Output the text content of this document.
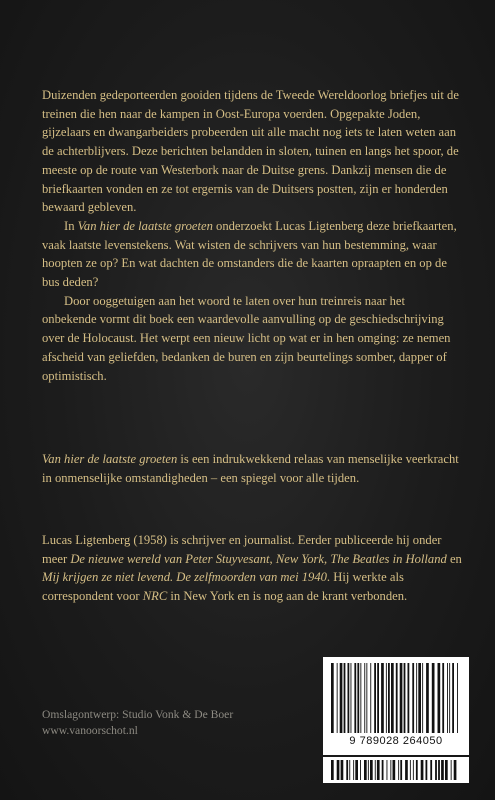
Duizenden gedeporteerden gooiden tijdens de Tweede Wereldoorlog briefjes uit de treinen die hen naar de kampen in Oost-Europa voerden. Opgepakte Joden, gijzelaars en dwangarbeiders probeerden uit alle macht nog iets te laten weten aan de achterblijvers. Deze berichten belandden in sloten, tuinen en langs het spoor, de meeste op de route van Westerbork naar de Duitse grens. Dankzij mensen die de briefkaarten vonden en ze tot ergernis van de Duitsers postten, zijn er honderden bewaard gebleven.

In Van hier de laatste groeten onderzoekt Lucas Ligtenberg deze briefkaarten, vaak laatste levenstekens. Wat wisten de schrijvers van hun bestemming, waar hoopten ze op? En wat dachten de omstanders die de kaarten opraapten en op de bus deden?

Door ooggetuigen aan het woord te laten over hun treinreis naar het onbekende vormt dit boek een waardevolle aanvulling op de geschiedschrijving over de Holocaust. Het werpt een nieuw licht op wat er in hen omging: ze nemen afscheid van geliefden, bedanken de buren en zijn beurtelings somber, dapper of optimistisch.

Van hier de laatste groeten is een indrukwekkend relaas van menselijke veerkracht in onmenselijke omstandigheden – een spiegel voor alle tijden.

Lucas Ligtenberg (1958) is schrijver en journalist. Eerder publiceerde hij onder meer De nieuwe wereld van Peter Stuyvesant, New York, The Beatles in Holland en Mij krijgen ze niet levend. De zelfmoorden van mei 1940. Hij werkte als correspondent voor NRC in New York en is nog aan de krant verbonden.

Omslagontwerp: Studio Vonk & De Boer
www.vanoorschot.nl
9 789028 264050
